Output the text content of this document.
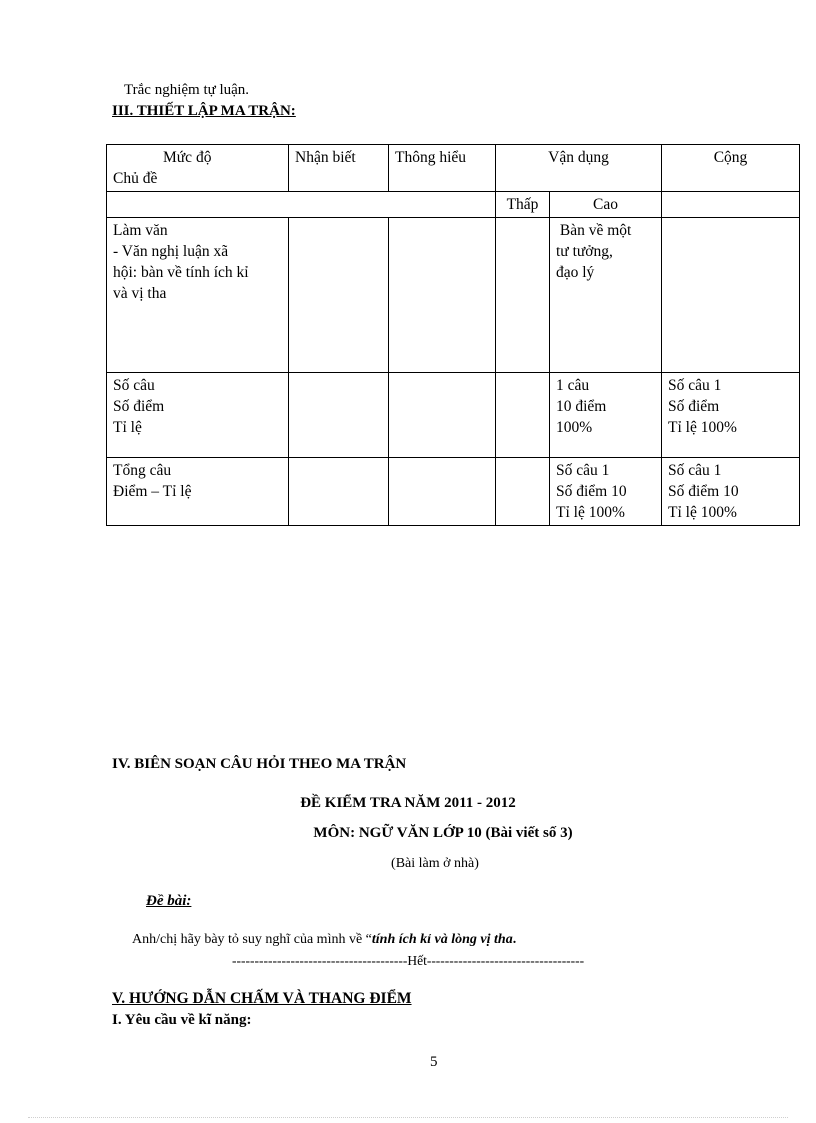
Trắc nghiệm tự luận.
III. THIẾT LẬP MA TRẬN:
Mức độ
Chủ đề	Nhận biết	Thông hiểu	Vận dụng		Cộng
			Thấp	Cao	

Làm văn
- Văn nghị luận xã
hội: bàn về tính ích kỉ
và vị tha				Bàn về một
tư tưởng,
đạo lý	

Số câu
Số điểm
Tỉ lệ				1 câu
10 điểm
100%	Số câu 1
Số điểm
Tỉ lệ 100%

Tổng câu
Điểm – Tỉ lệ				Số câu 1
Số điểm 10
Tỉ lệ 100%	Số câu 1
Số điểm 10
Tỉ lệ 100%
IV. BIÊN SOẠN CÂU HỎI THEO MA TRẬN
ĐỀ KIỂM TRA NĂM 2011 - 2012
MÔN: NGỮ VĂN LỚP 10 (Bài viết số 3)
(Bài làm ở nhà)
Đề bài:
Anh/chị hãy bày tỏ suy nghĩ của mình về “tính ích kỉ và lòng vị tha.
---------------------------------------Hết-----------------------------------
V. HƯỚNG DẪN CHẤM VÀ THANG ĐIỂM
I. Yêu cầu về kĩ năng:
5
